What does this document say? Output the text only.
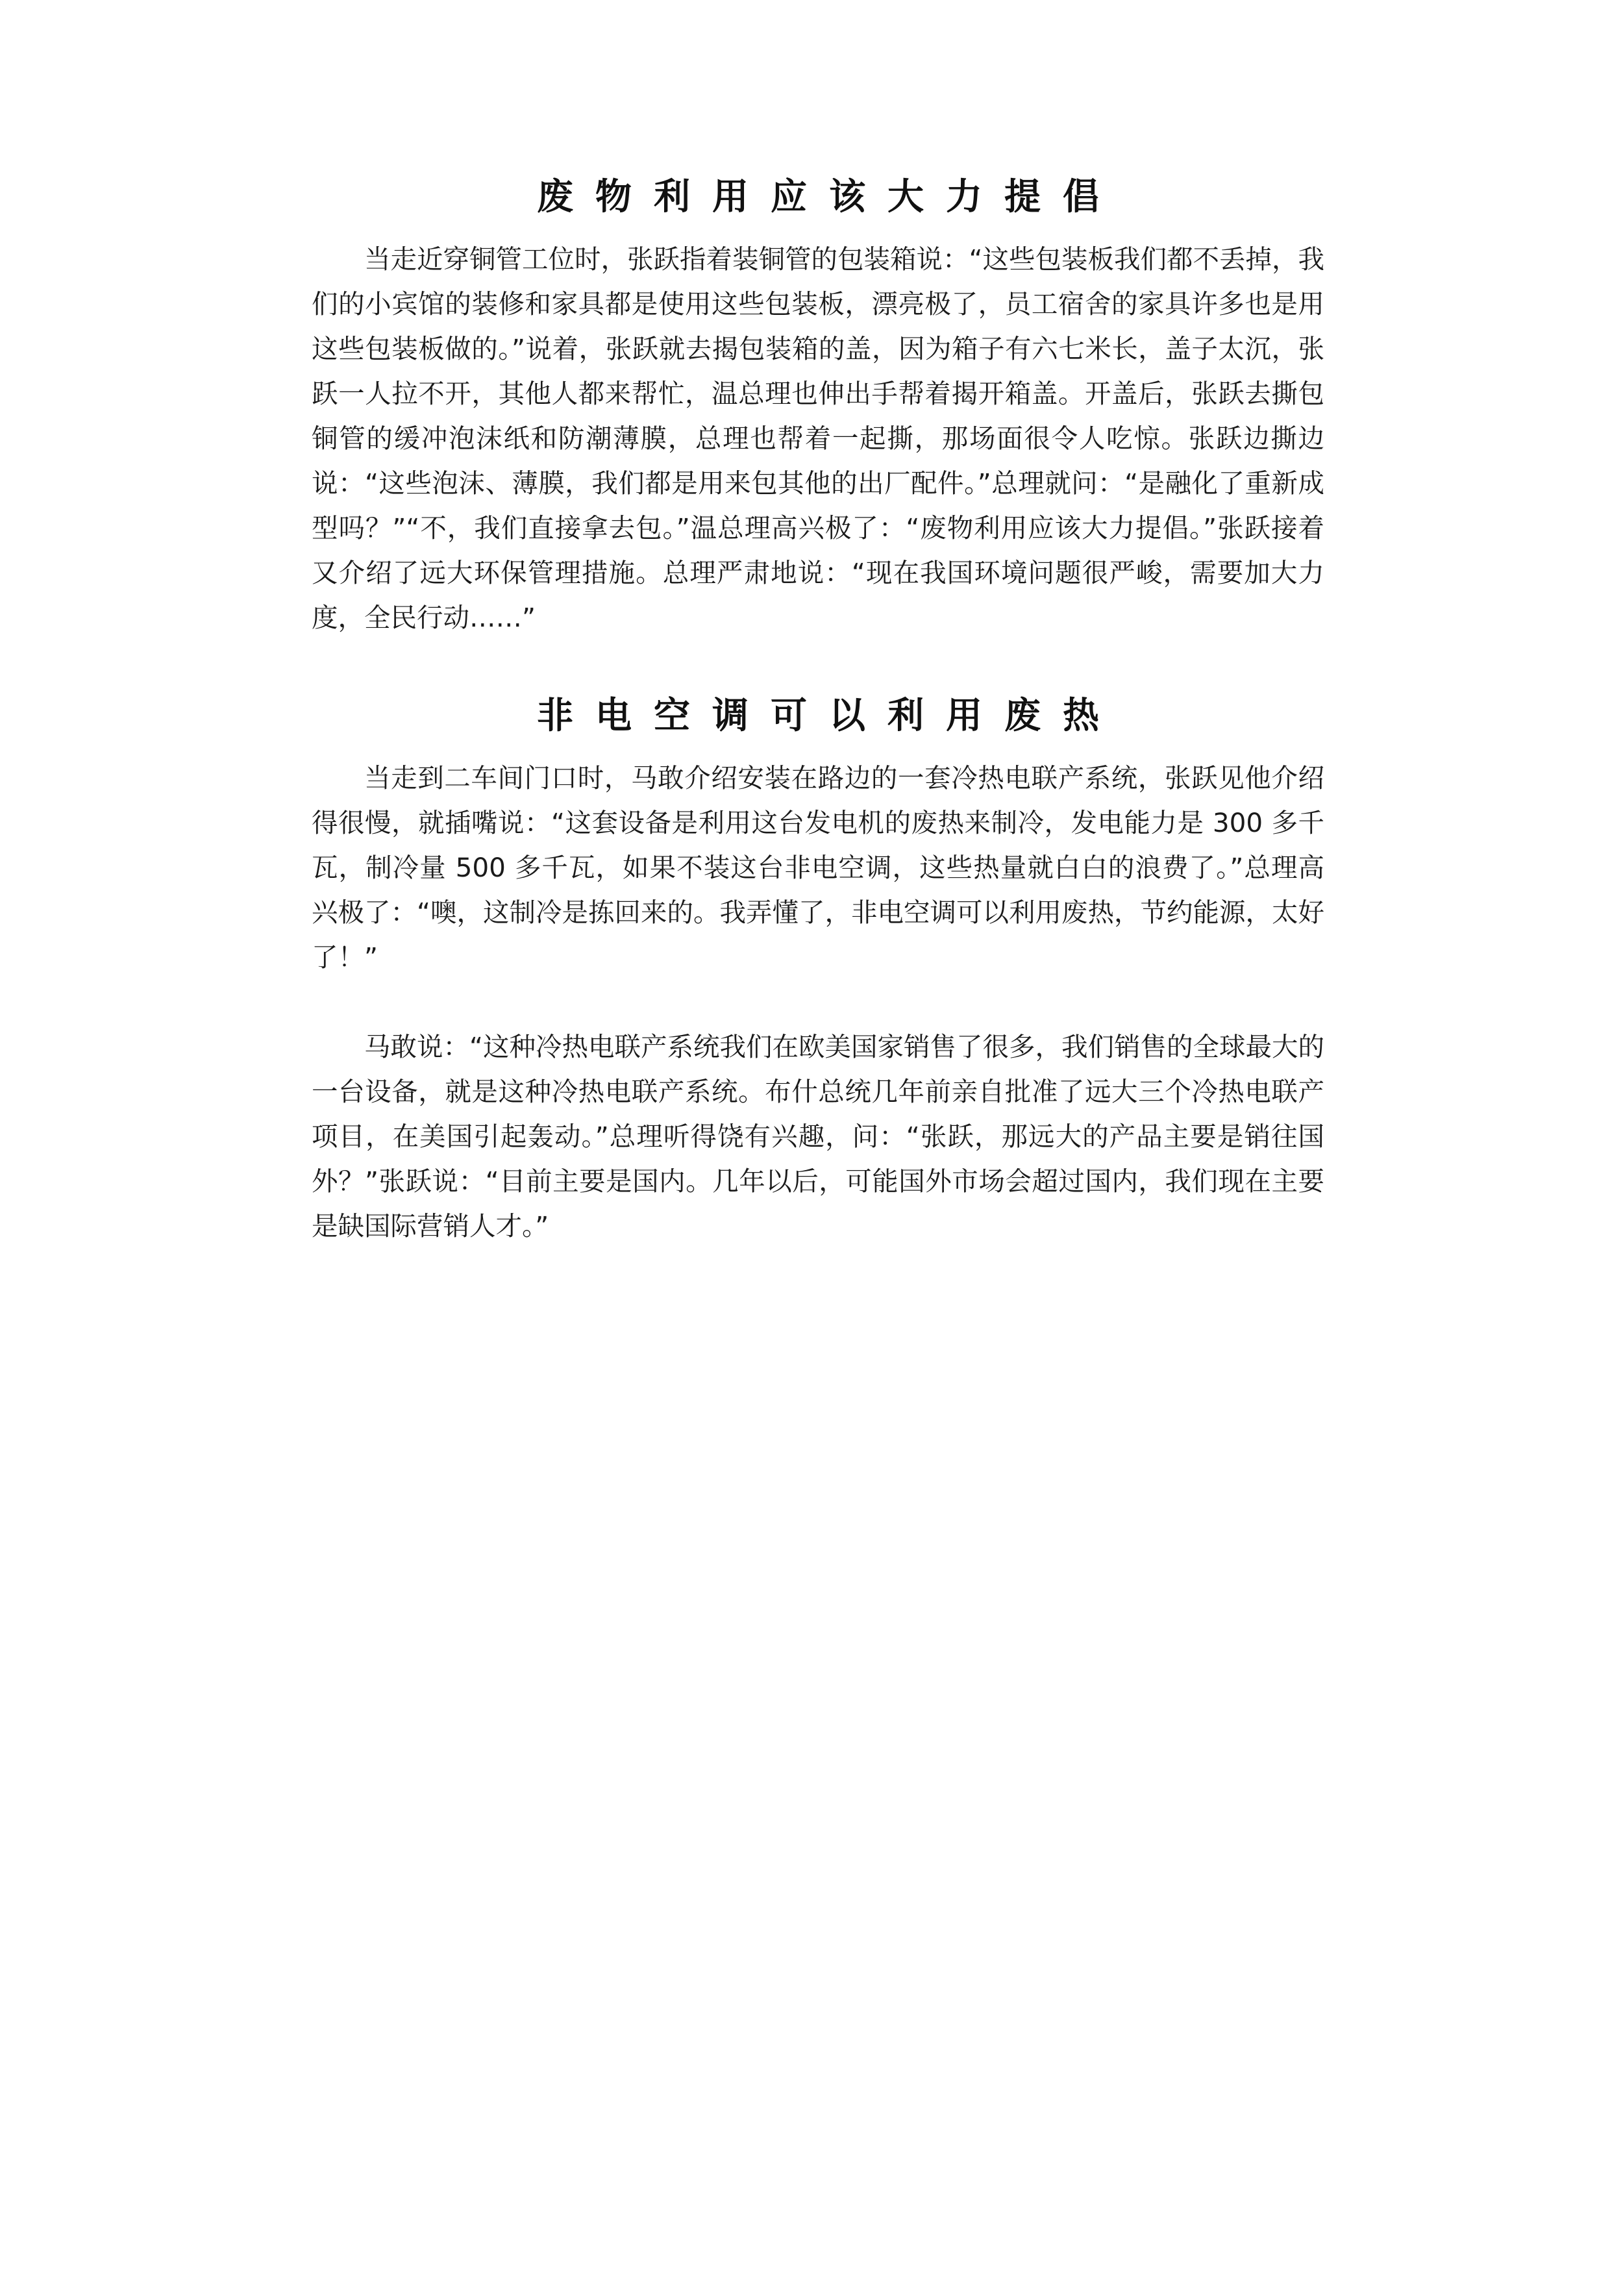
废物利用应该大力提倡

当走近穿铜管工位时，张跃指着装铜管的包装箱说：“这些包装板我们都不丢掉，我们的小宾馆的装修和家具都是使用这些包装板，漂亮极了，员工宿舍的家具许多也是用这些包装板做的。”说着，张跃就去揭包装箱的盖，因为箱子有六七米长，盖子太沉，张跃一人拉不开，其他人都来帮忙，温总理也伸出手帮着揭开箱盖。开盖后，张跃去撕包铜管的缓冲泡沫纸和防潮薄膜，总理也帮着一起撕，那场面很令人吃惊。张跃边撕边说：“这些泡沫、薄膜，我们都是用来包其他的出厂配件。”总理就问：“是融化了重新成型吗？”“不，我们直接拿去包。”温总理高兴极了：“废物利用应该大力提倡。”张跃接着又介绍了远大环保管理措施。总理严肃地说：“现在我国环境问题很严峻，需要加大力度，全民行动……”

非电空调可以利用废热

当走到二车间门口时，马敢介绍安装在路边的一套冷热电联产系统，张跃见他介绍得很慢，就插嘴说：“这套设备是利用这台发电机的废热来制冷，发电能力是 300 多千瓦，制冷量 500 多千瓦，如果不装这台非电空调，这些热量就白白的浪费了。”总理高兴极了：“噢，这制冷是拣回来的。我弄懂了，非电空调可以利用废热，节约能源，太好了！”

马敢说：“这种冷热电联产系统我们在欧美国家销售了很多，我们销售的全球最大的一台设备，就是这种冷热电联产系统。布什总统几年前亲自批准了远大三个冷热电联产项目，在美国引起轰动。”总理听得饶有兴趣，问：“张跃，那远大的产品主要是销往国外？”张跃说：“目前主要是国内。几年以后，可能国外市场会超过国内，我们现在主要是缺国际营销人才。”
